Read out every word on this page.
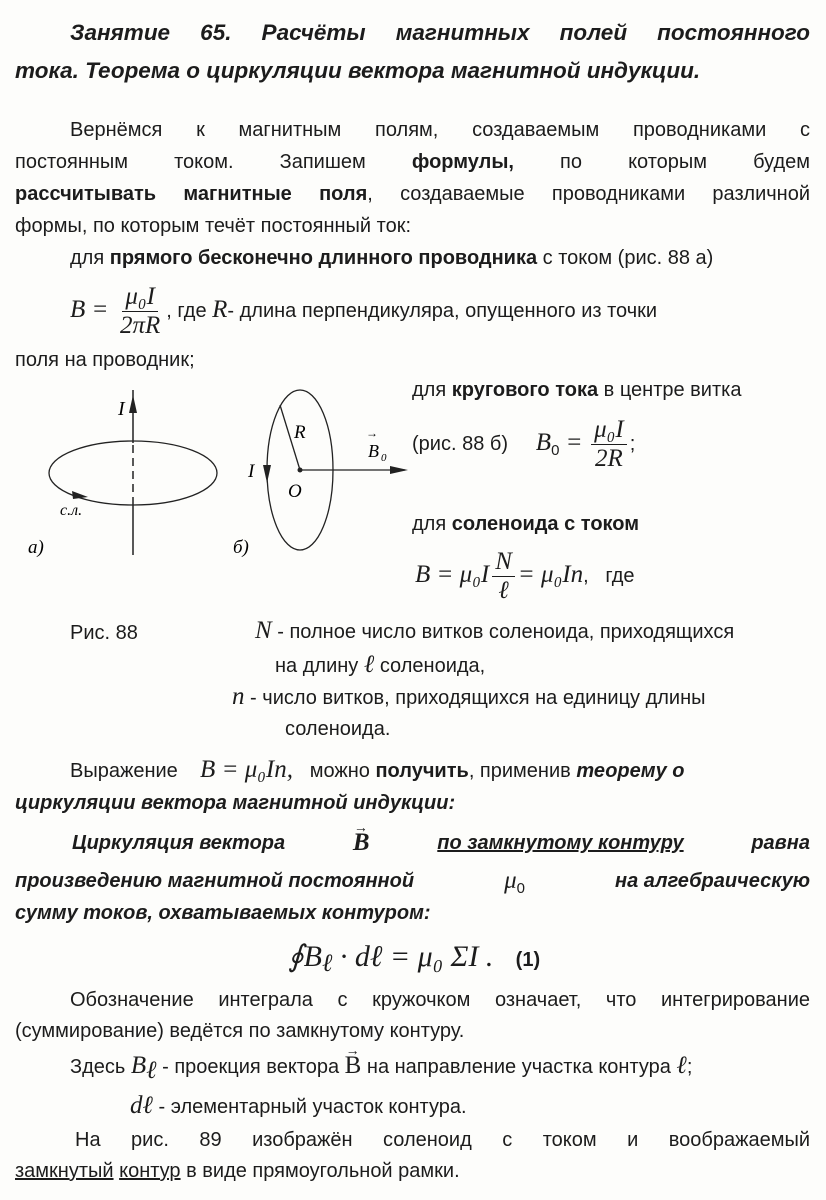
Занятие 65. Расчёты магнитных полей постоянного
тока. Теорема о циркуляции вектора магнитной индукции.
Вернёмся к магнитным полям, создаваемым проводниками с
постоянным током. Запишем формулы, по которым будем
рассчитывать магнитные поля, создаваемые проводниками различной
формы, по которым течёт постоянный ток:
для прямого бесконечно длинного проводника с током (рис. 88 а)
$B = \frac{\text{μ₀I}}{2\pi R}$ , где R- длина перпендикуляра, опущенного из точки
поля на проводник;
I
с.л.
а)
R
O
I
B 0
→
б)
для кругового тока в центре витка
(рис. 88 б) $B_0 = \frac{\text{μ₀I}}{2R}$ ;
для соленоида с током
$B = \mu_0I \frac{N}{\text{ℓ}} = \mu_0In$, где
Рис. 88	N - полное число витков соленоида, приходящихся
на длину ℓ соленоида,
n - число витков, приходящихся на единицу длины
соленоида.
Выражение B = μ₀In, можно получить, применив теорему о
циркуляции вектора магнитной индукции:
Циркуляция вектора	→ B	по замкнутому контуру	равна
произведению магнитной постоянной	$\mu_0$	на алгебраическую
сумму токов, охватываемых контуром:
$∮B_\ell$ · dℓ = μ₀ ΣI . (1)
Обозначение интеграла с кружочком означает, что интегрирование
(суммирование) ведётся по замкнутому контуру.
Здесь $B_\ell$ - проекция вектора → B на направление участка контура ℓ;
dℓ - элементарный участок контура.
На рис. 89 изображён соленоид с током и воображаемый
замкнутый контур в виде прямоугольной рамки.
